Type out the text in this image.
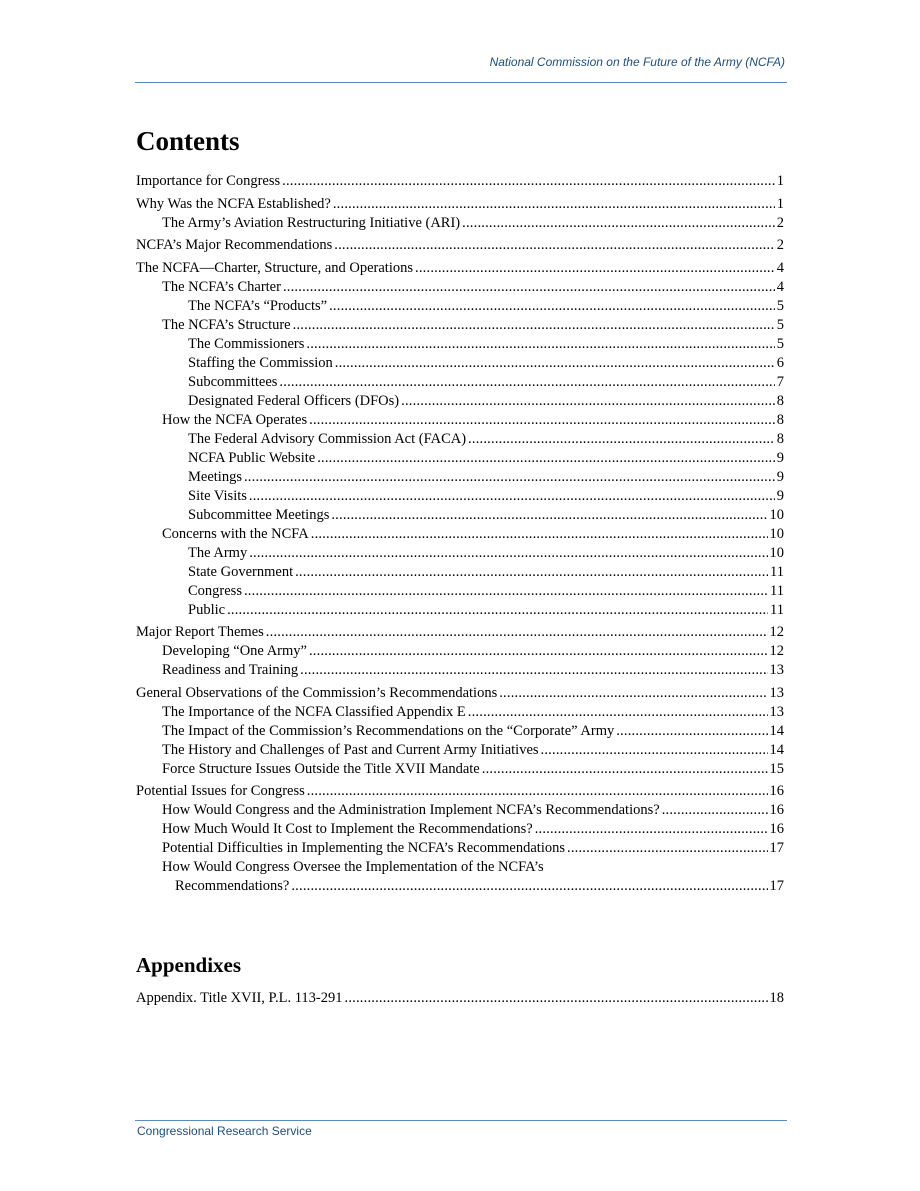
National Commission on the Future of the Army (NCFA)
Contents
Importance for Congress .....	1
Why Was the NCFA Established? .....	1
The Army’s Aviation Restructuring Initiative (ARI) .....	2
NCFA’s Major Recommendations .....	2
The NCFA—Charter, Structure, and Operations .....	4
The NCFA’s Charter .....	4
The NCFA’s “Products” .....	5
The NCFA’s Structure .....	5
The Commissioners .....	5
Staffing the Commission .....	6
Subcommittees .....	7
Designated Federal Officers (DFOs) .....	8
How the NCFA Operates .....	8
The Federal Advisory Commission Act (FACA) .....	8
NCFA Public Website .....	9
Meetings .....	9
Site Visits .....	9
Subcommittee Meetings .....	10
Concerns with the NCFA .....	10
The Army .....	10
State Government .....	11
Congress .....	11
Public .....	11
Major Report Themes .....	12
Developing “One Army” .....	12
Readiness and Training .....	13
General Observations of the Commission’s Recommendations .....	13
The Importance of the NCFA Classified Appendix E .....	13
The Impact of the Commission’s Recommendations on the “Corporate” Army .....	14
The History and Challenges of Past and Current Army Initiatives .....	14
Force Structure Issues Outside the Title XVII Mandate .....	15
Potential Issues for Congress .....	16
How Would Congress and the Administration Implement NCFA’s Recommendations? .....	16
How Much Would It Cost to Implement the Recommendations? .....	16
Potential Difficulties in Implementing the NCFA’s Recommendations .....	17
How Would Congress Oversee the Implementation of the NCFA’s
Recommendations? .....	17
Appendixes
Appendix. Title XVII, P.L. 113-291 .....	18
Congressional Research Service
